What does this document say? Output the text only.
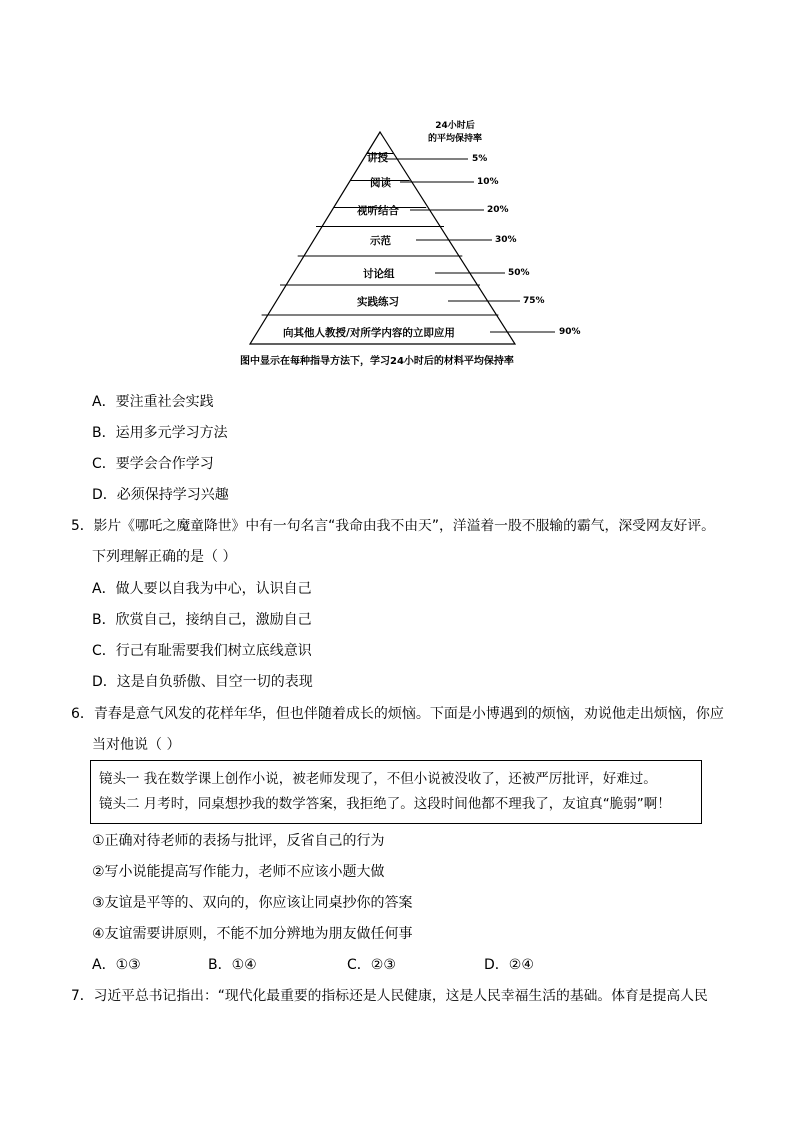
24小时后
的平均保持率
讲授
阅读
视听结合
示范
讨论组
实践练习
向其他人教授/对所学内容的立即应用
5%
10%
20%
30%
50%
75%
90%
图中显示在每种指导方法下，学习24小时后的材料平均保持率
A．要注重社会实践
B．运用多元学习方法
C．要学会合作学习
D．必须保持学习兴趣
5．影片《哪吒之魔童降世》中有一句名言“我命由我不由天”，洋溢着一股不服输的霸气，深受网友好评。
下列理解正确的是（ ）
A．做人要以自我为中心，认识自己
B．欣赏自己，接纳自己，激励自己
C．行己有耻需要我们树立底线意识
D．这是自负骄傲、目空一切的表现
6．青春是意气风发的花样年华，但也伴随着成长的烦恼。下面是小博遇到的烦恼，劝说他走出烦恼，你应
当对他说（ ）
镜头一 我在数学课上创作小说，被老师发现了，不但小说被没收了，还被严厉批评，好难过。
镜头二 月考时，同桌想抄我的数学答案，我拒绝了。这段时间他都不理我了，友谊真“脆弱”啊！
①正确对待老师的表扬与批评，反省自己的行为
②写小说能提高写作能力，老师不应该小题大做
③友谊是平等的、双向的，你应该让同桌抄你的答案
④友谊需要讲原则，不能不加分辨地为朋友做任何事
A．①③	B．①④	C．②③	D．②④
7．习近平总书记指出：“现代化最重要的指标还是人民健康，这是人民幸福生活的基础。体育是提高人民
